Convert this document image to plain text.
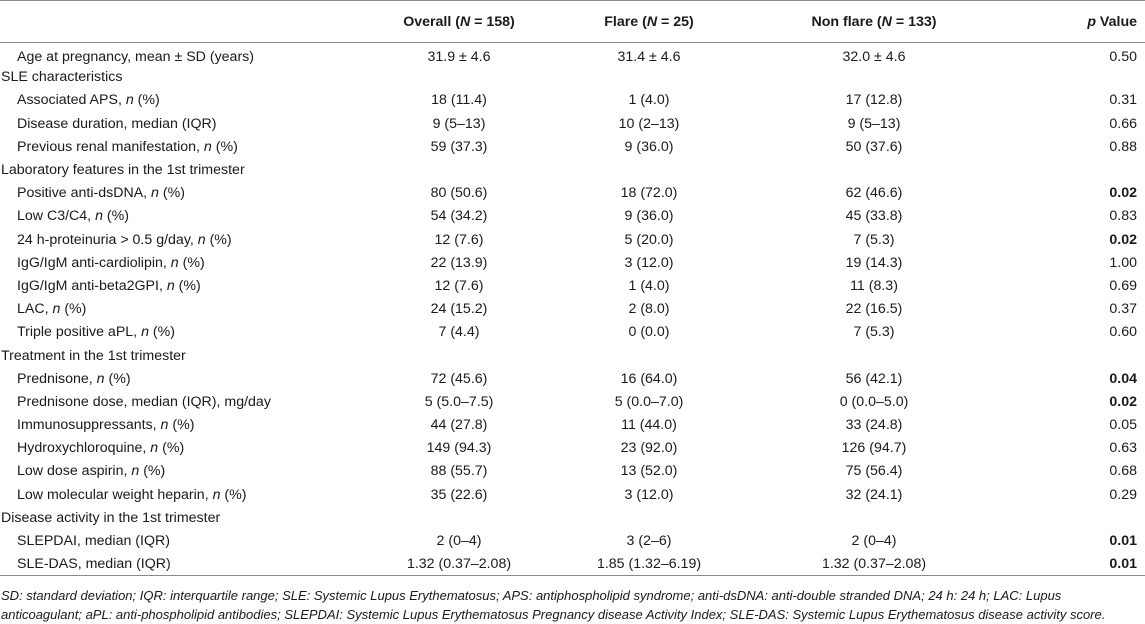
	Overall (N = 158)	Flare (N = 25)	Non flare (N = 133)	p Value
Age at pregnancy, mean ± SD (years)	31.9 ± 4.6	31.4 ± 4.6	32.0 ± 4.6	0.50
SLE characteristics				
Associated APS, n (%)	18 (11.4)	1 (4.0)	17 (12.8)	0.31
Disease duration, median (IQR)	9 (5–13)	10 (2–13)	9 (5–13)	0.66
Previous renal manifestation, n (%)	59 (37.3)	9 (36.0)	50 (37.6)	0.88
Laboratory features in the 1st trimester				
Positive anti-dsDNA, n (%)	80 (50.6)	18 (72.0)	62 (46.6)	0.02
Low C3/C4, n (%)	54 (34.2)	9 (36.0)	45 (33.8)	0.83
24 h-proteinuria > 0.5 g/day, n (%)	12 (7.6)	5 (20.0)	7 (5.3)	0.02
IgG/IgM anti-cardiolipin, n (%)	22 (13.9)	3 (12.0)	19 (14.3)	1.00
IgG/IgM anti-beta2GPI, n (%)	12 (7.6)	1 (4.0)	11 (8.3)	0.69
LAC, n (%)	24 (15.2)	2 (8.0)	22 (16.5)	0.37
Triple positive aPL, n (%)	7 (4.4)	0 (0.0)	7 (5.3)	0.60
Treatment in the 1st trimester				
Prednisone, n (%)	72 (45.6)	16 (64.0)	56 (42.1)	0.04
Prednisone dose, median (IQR), mg/day	5 (5.0–7.5)	5 (0.0–7.0)	0 (0.0–5.0)	0.02
Immunosuppressants, n (%)	44 (27.8)	11 (44.0)	33 (24.8)	0.05
Hydroxychloroquine, n (%)	149 (94.3)	23 (92.0)	126 (94.7)	0.63
Low dose aspirin, n (%)	88 (55.7)	13 (52.0)	75 (56.4)	0.68
Low molecular weight heparin, n (%)	35 (22.6)	3 (12.0)	32 (24.1)	0.29
Disease activity in the 1st trimester				
SLEPDAI, median (IQR)	2 (0–4)	3 (2–6)	2 (0–4)	0.01
SLE-DAS, median (IQR)	1.32 (0.37–2.08)	1.85 (1.32–6.19)	1.32 (0.37–2.08)	0.01
SD: standard deviation; IQR: interquartile range; SLE: Systemic Lupus Erythematosus; APS: antiphospholipid syndrome; anti-dsDNA: anti-double stranded DNA; 24 h: 24 h; LAC: Lupus anticoagulant; aPL: anti-phospholipid antibodies; SLEPDAI: Systemic Lupus Erythematosus Pregnancy disease Activity Index; SLE-DAS: Systemic Lupus Erythematosus disease activity score.
